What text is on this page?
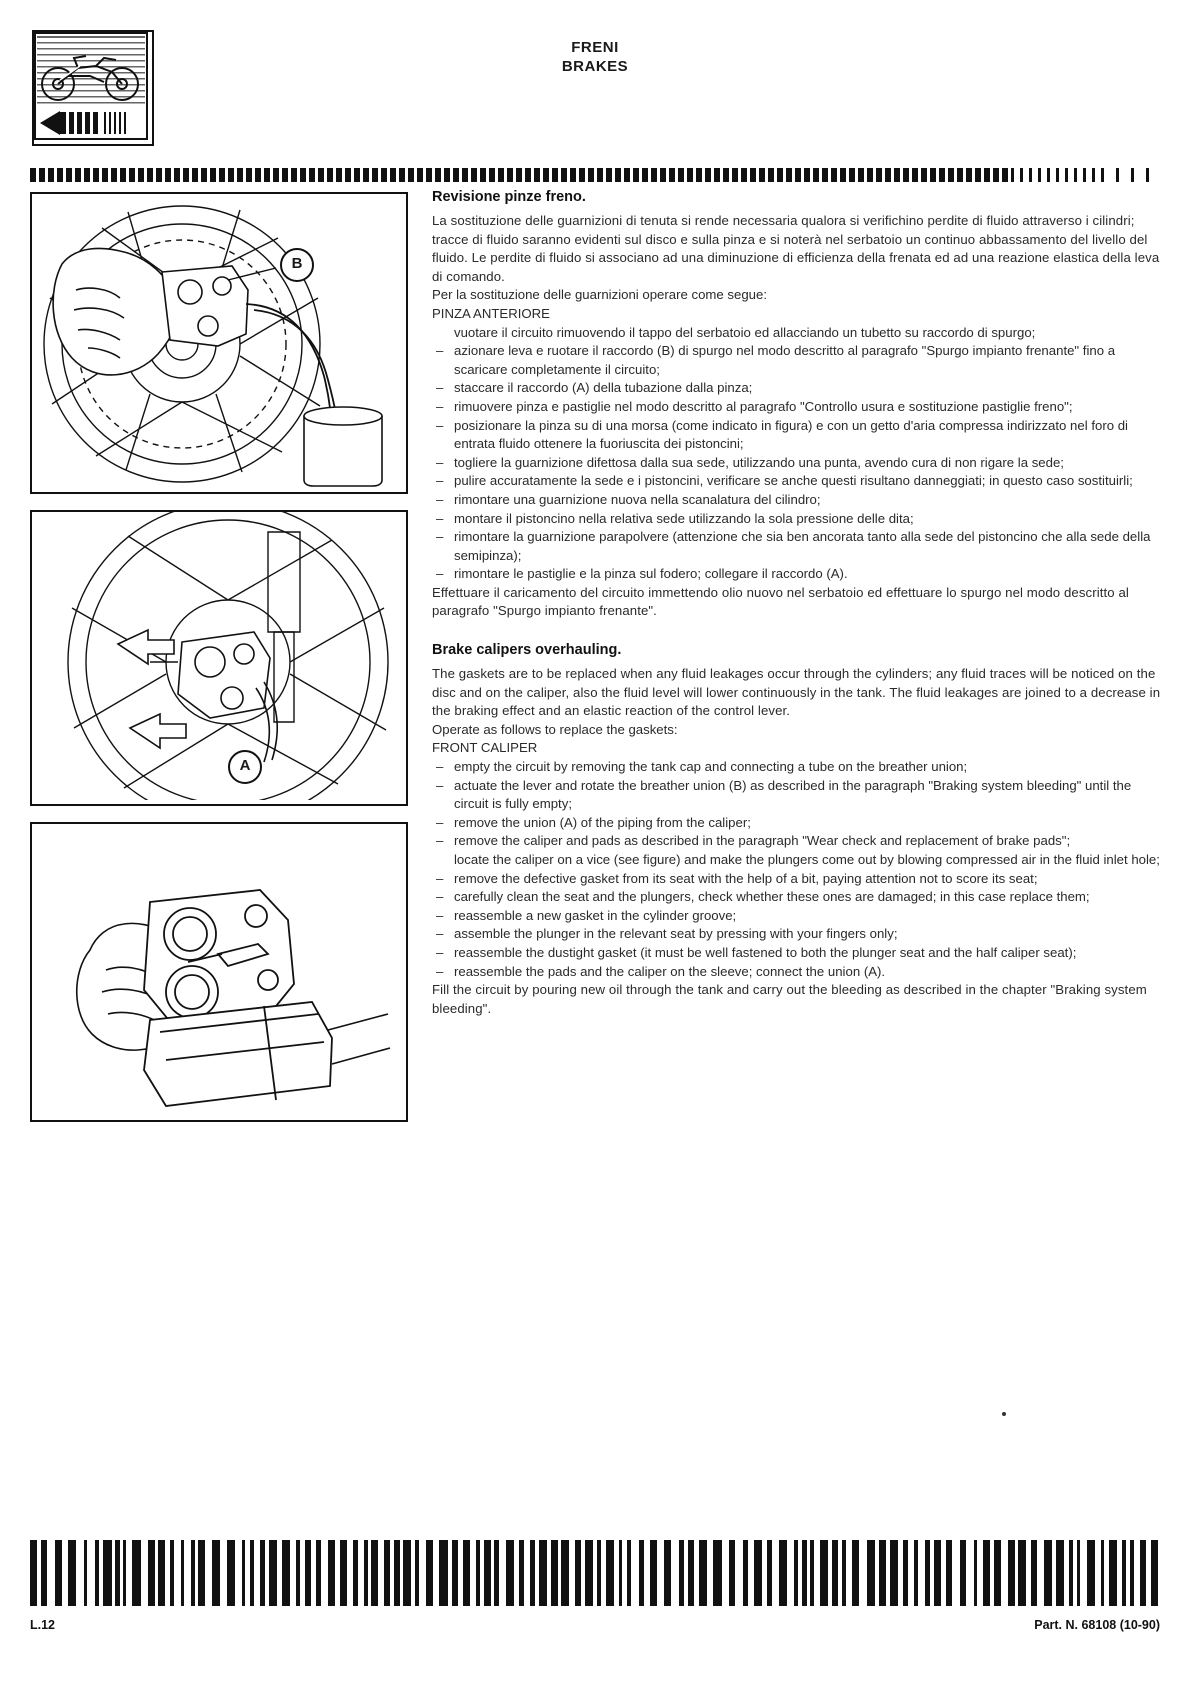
FRENI
BRAKES
B
A
Revisione pinze freno.

La sostituzione delle guarnizioni di tenuta si rende necessaria qualora si verifichino perdite di fluido attraverso i cilindri; tracce di fluido saranno evidenti sul disco e sulla pinza e si noterà nel serbatoio un continuo abbassamento del livello del fluido. Le perdite di fluido si associano ad una diminuzione di efficienza della frenata ed ad una reazione elastica della leva di comando.

Per la sostituzione delle guarnizioni operare come segue:

PINZA ANTERIORE

vuotare il circuito rimuovendo il tappo del serbatoio ed allacciando un tubetto su raccordo di spurgo;
– azionare leva e ruotare il raccordo (B) di spurgo nel modo descritto al paragrafo "Spurgo impianto frenante" fino a scaricare completamente il circuito;
– staccare il raccordo (A) della tubazione dalla pinza;
– rimuovere pinza e pastiglie nel modo descritto al paragrafo "Controllo usura e sostituzione pastiglie freno";
– posizionare la pinza su di una morsa (come indicato in figura) e con un getto d'aria compressa indirizzato nel foro di entrata fluido ottenere la fuoriuscita dei pistoncini;
– togliere la guarnizione difettosa dalla sua sede, utilizzando una punta, avendo cura di non rigare la sede;
– pulire accuratamente la sede e i pistoncini, verificare se anche questi risultano danneggiati; in questo caso sostituirli;
– rimontare una guarnizione nuova nella scanalatura del cilindro;
– montare il pistoncino nella relativa sede utilizzando la sola pressione delle dita;
– rimontare la guarnizione parapolvere (attenzione che sia ben ancorata tanto alla sede del pistoncino che alla sede della semipinza);
– rimontare le pastiglie e la pinza sul fodero; collegare il raccordo (A).

Effettuare il caricamento del circuito immettendo olio nuovo nel serbatoio ed effettuare lo spurgo nel modo descritto al paragrafo "Spurgo impianto frenante".

Brake calipers overhauling.

The gaskets are to be replaced when any fluid leakages occur through the cylinders; any fluid traces will be noticed on the disc and on the caliper, also the fluid level will lower continuously in the tank. The fluid leakages are joined to a decrease in the braking effect and an elastic reaction of the control lever.

Operate as follows to replace the gaskets:

FRONT CALIPER

– empty the circuit by removing the tank cap and connecting a tube on the breather union;
– actuate the lever and rotate the breather union (B) as described in the paragraph "Braking system bleeding" until the circuit is fully empty;
– remove the union (A) of the piping from the caliper;
– remove the caliper and pads as described in the paragraph "Wear check and replacement of brake pads";
locate the caliper on a vice (see figure) and make the plungers come out by blowing compressed air in the fluid inlet hole;
– remove the defective gasket from its seat with the help of a bit, paying attention not to score its seat;
– carefully clean the seat and the plungers, check whether these ones are damaged; in this case replace them;
– reassemble a new gasket in the cylinder groove;
– assemble the plunger in the relevant seat by pressing with your fingers only;
– reassemble the dustight gasket (it must be well fastened to both the plunger seat and the half caliper seat);
– reassemble the pads and the caliper on the sleeve; connect the union (A).

Fill the circuit by pouring new oil through the tank and carry out the bleeding as described in the chapter "Braking system bleeding".

L.12	Part. N. 68108 (10-90)
